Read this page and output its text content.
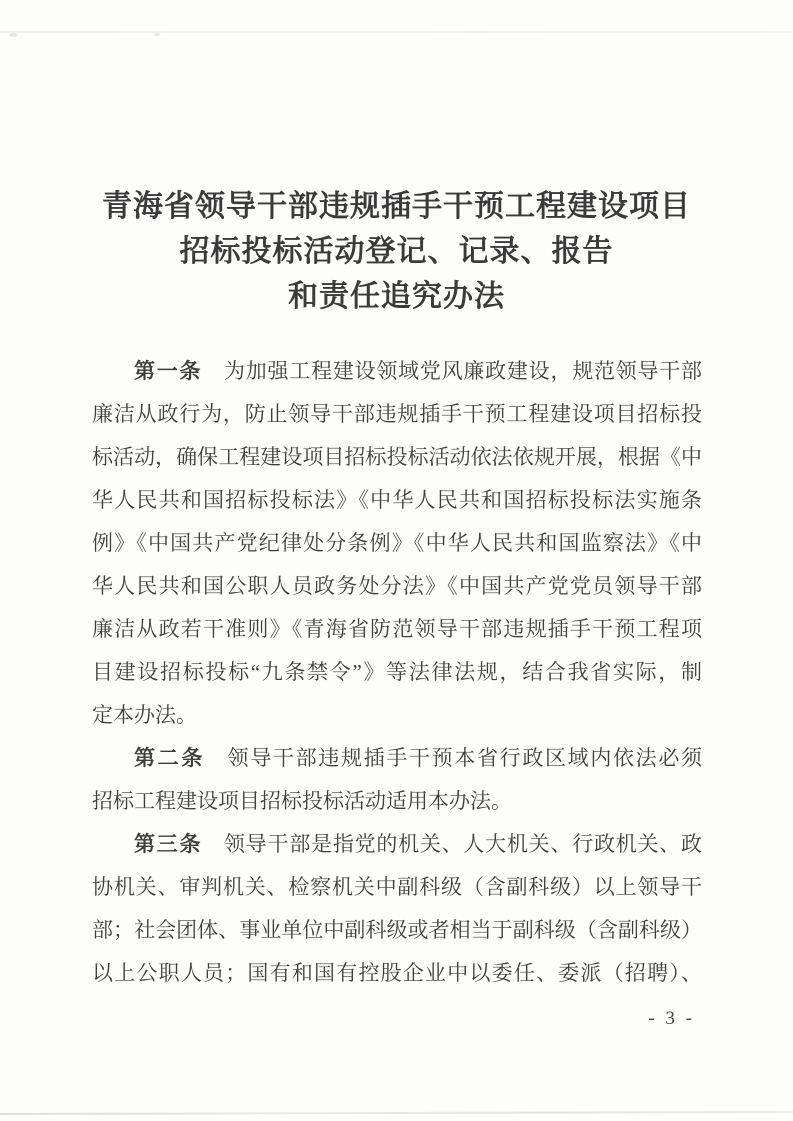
青海省领导干部违规插手干预工程建设项目
招标投标活动登记、记录、报告
和责任追究办法
第一条　为加强工程建设领域党风廉政建设，规范领导干部
廉洁从政行为，防止领导干部违规插手干预工程建设项目招标投
标活动，确保工程建设项目招标投标活动依法依规开展，根据《中
华人民共和国招标投标法》《中华人民共和国招标投标法实施条
例》《中国共产党纪律处分条例》《中华人民共和国监察法》《中
华人民共和国公职人员政务处分法》《中国共产党党员领导干部
廉洁从政若干准则》《青海省防范领导干部违规插手干预工程项
目建设招标投标“九条禁令”》等法律法规，结合我省实际，制
定本办法。
第二条　领导干部违规插手干预本省行政区域内依法必须
招标工程建设项目招标投标活动适用本办法。
第三条　领导干部是指党的机关、人大机关、行政机关、政
协机关、审判机关、检察机关中副科级（含副科级）以上领导干
部；社会团体、事业单位中副科级或者相当于副科级（含副科级）
以上公职人员；国有和国有控股企业中以委任、委派（招聘）、
- 3 -
